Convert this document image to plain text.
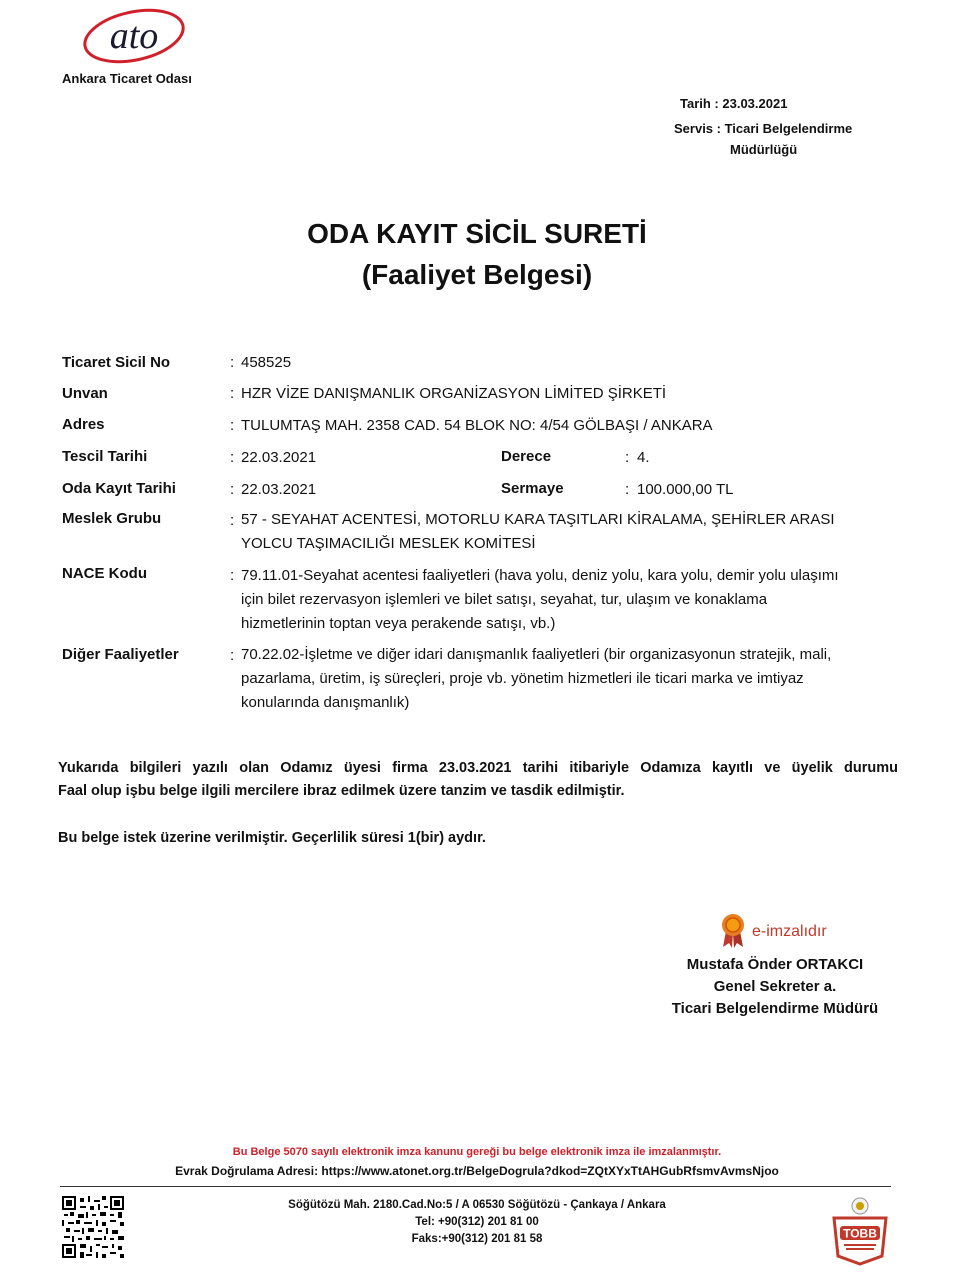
ato
Ankara Ticaret Odası
Tarih : 23.03.2021
Servis : Ticari Belgelendirme
Müdürlüğü
ODA KAYIT SİCİL SURETİ
(Faaliyet Belgesi)
Ticaret Sicil No	: 458525
Unvan	: HZR VİZE DANIŞMANLIK ORGANİZASYON LİMİTED ŞİRKETİ
Adres	: TULUMTAŞ MAH. 2358 CAD. 54 BLOK NO: 4/54 GÖLBAŞI / ANKARA
Tescil Tarihi	: 22.03.2021	Derece	: 4.
Oda Kayıt Tarihi	: 22.03.2021	Sermaye	: 100.000,00 TL
Meslek Grubu	: 57 - SEYAHAT ACENTESİ, MOTORLU KARA TAŞITLARI KİRALAMA, ŞEHİRLER ARASI
YOLCU TAŞIMACILIĞI MESLEK KOMİTESİ
NACE Kodu	: 79.11.01-Seyahat acentesi faaliyetleri (hava yolu, deniz yolu, kara yolu, demir yolu ulaşımı
için bilet rezervasyon işlemleri ve bilet satışı, seyahat, tur, ulaşım ve konaklama
hizmetlerinin toptan veya perakende satışı, vb.)
Diğer Faaliyetler	: 70.22.02-İşletme ve diğer idari danışmanlık faaliyetleri (bir organizasyonun stratejik, mali,
pazarlama, üretim, iş süreçleri, proje vb. yönetim hizmetleri ile ticari marka ve imtiyaz
konularında danışmanlık)
Yukarıda bilgileri yazılı olan Odamız üyesi firma 23.03.2021 tarihi itibariyle Odamıza kayıtlı ve üyelik durumu
Faal olup işbu belge ilgili mercilere ibraz edilmek üzere tanzim ve tasdik edilmiştir.
Bu belge istek üzerine verilmiştir. Geçerlilik süresi 1(bir) aydır.
e-imzalıdır
Mustafa Önder ORTAKCI
Genel Sekreter a.
Ticari Belgelendirme Müdürü
Bu Belge 5070 sayılı elektronik imza kanunu gereği bu belge elektronik imza ile imzalanmıştır.
Evrak Doğrulama Adresi: https://www.atonet.org.tr/BelgeDogrula?dkod=ZQtXYxTtAHGubRfsmvAvmsNjoo
Söğütözü Mah. 2180.Cad.No:5 / A 06530 Söğütözü - Çankaya / Ankara
Tel: +90(312) 201 81 00
Faks:+90(312) 201 81 58	TOBB
